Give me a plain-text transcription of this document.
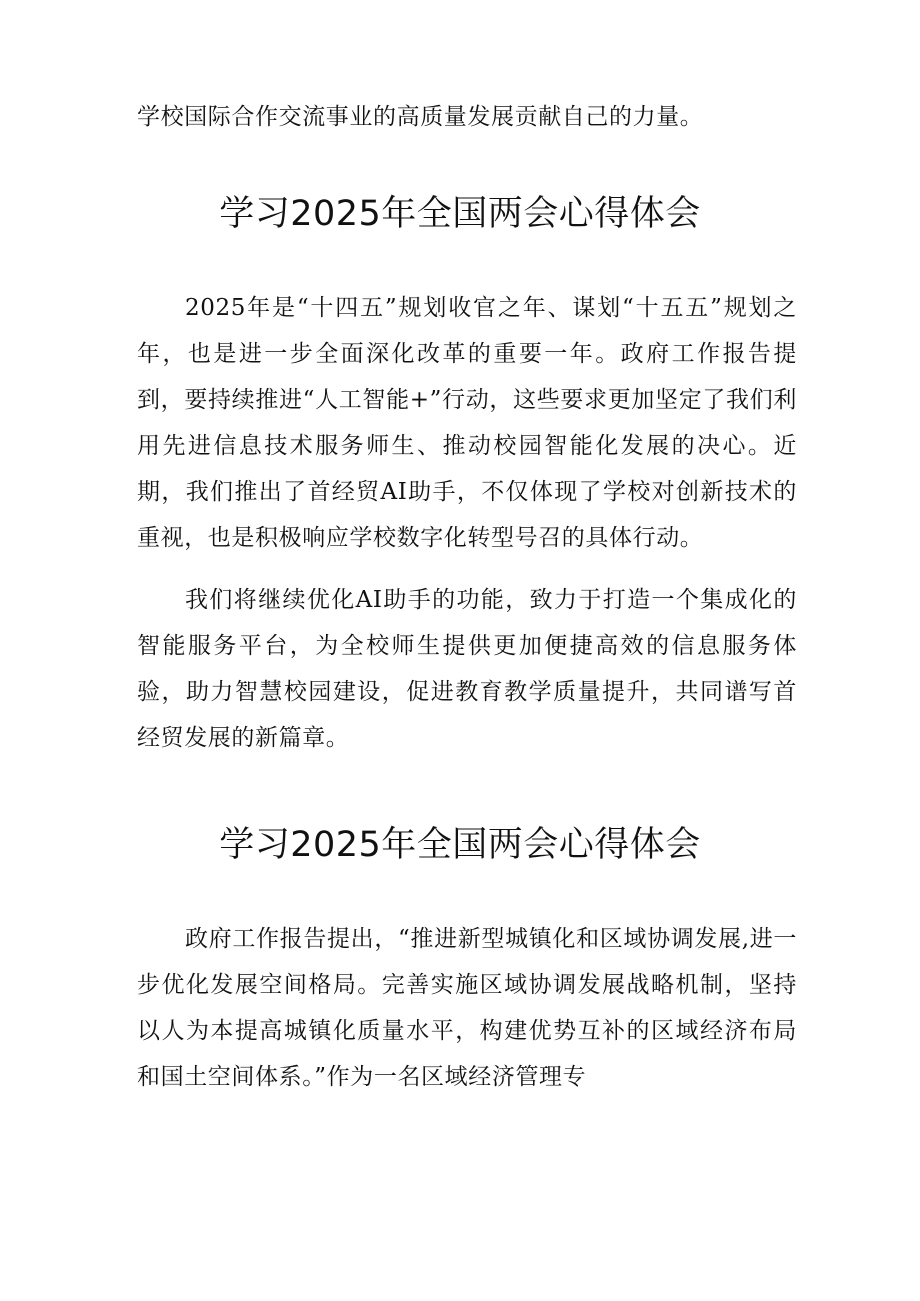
学校国际合作交流事业的高质量发展贡献自己的力量。

学习2025年全国两会心得体会

2025年是“十四五”规划收官之年、谋划“十五五”规划之年，也是进一步全面深化改革的重要一年。政府工作报告提到，要持续推进“人工智能+”行动，这些要求更加坚定了我们利用先进信息技术服务师生、推动校园智能化发展的决心。近期，我们推出了首经贸AI助手，不仅体现了学校对创新技术的重视，也是积极响应学校数字化转型号召的具体行动。

我们将继续优化AI助手的功能，致力于打造一个集成化的智能服务平台，为全校师生提供更加便捷高效的信息服务体验，助力智慧校园建设，促进教育教学质量提升，共同谱写首经贸发展的新篇章。

学习2025年全国两会心得体会

政府工作报告提出，“推进新型城镇化和区域协调发展,进一步优化发展空间格局。完善实施区域协调发展战略机制，坚持以人为本提高城镇化质量水平，构建优势互补的区域经济布局和国土空间体系。”作为一名区域经济管理专
